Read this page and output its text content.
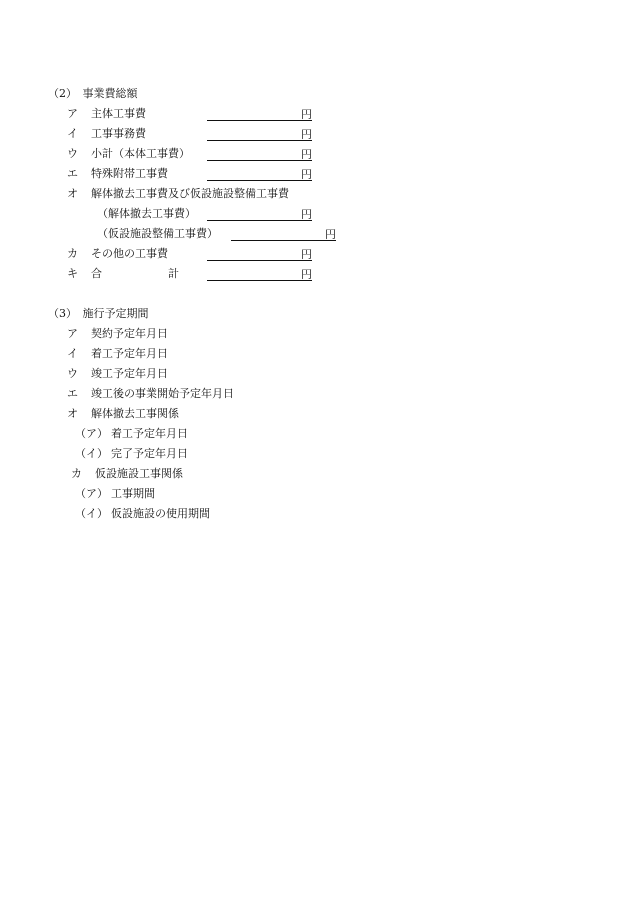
（2）　事業費総額
ア 主体工事費	円
イ 工事事務費	円
ウ 小計（本体工事費）	円
エ 特殊附帯工事費	円
オ 解体撤去工事費及び仮設施設整備工事費
（解体撤去工事費）	円
（仮設施設整備工事費）	円
カ その他の工事費	円
キ 合　　　　　　計	円
（3）　施行予定期間
ア 契約予定年月日
イ 着工予定年月日
ウ 竣工予定年月日
エ 竣工後の事業開始予定年月日
オ 解体撤去工事関係
（ア） 着工予定年月日
（イ） 完了予定年月日
カ 仮設施設工事関係
（ア） 工事期間
（イ） 仮設施設の使用期間
